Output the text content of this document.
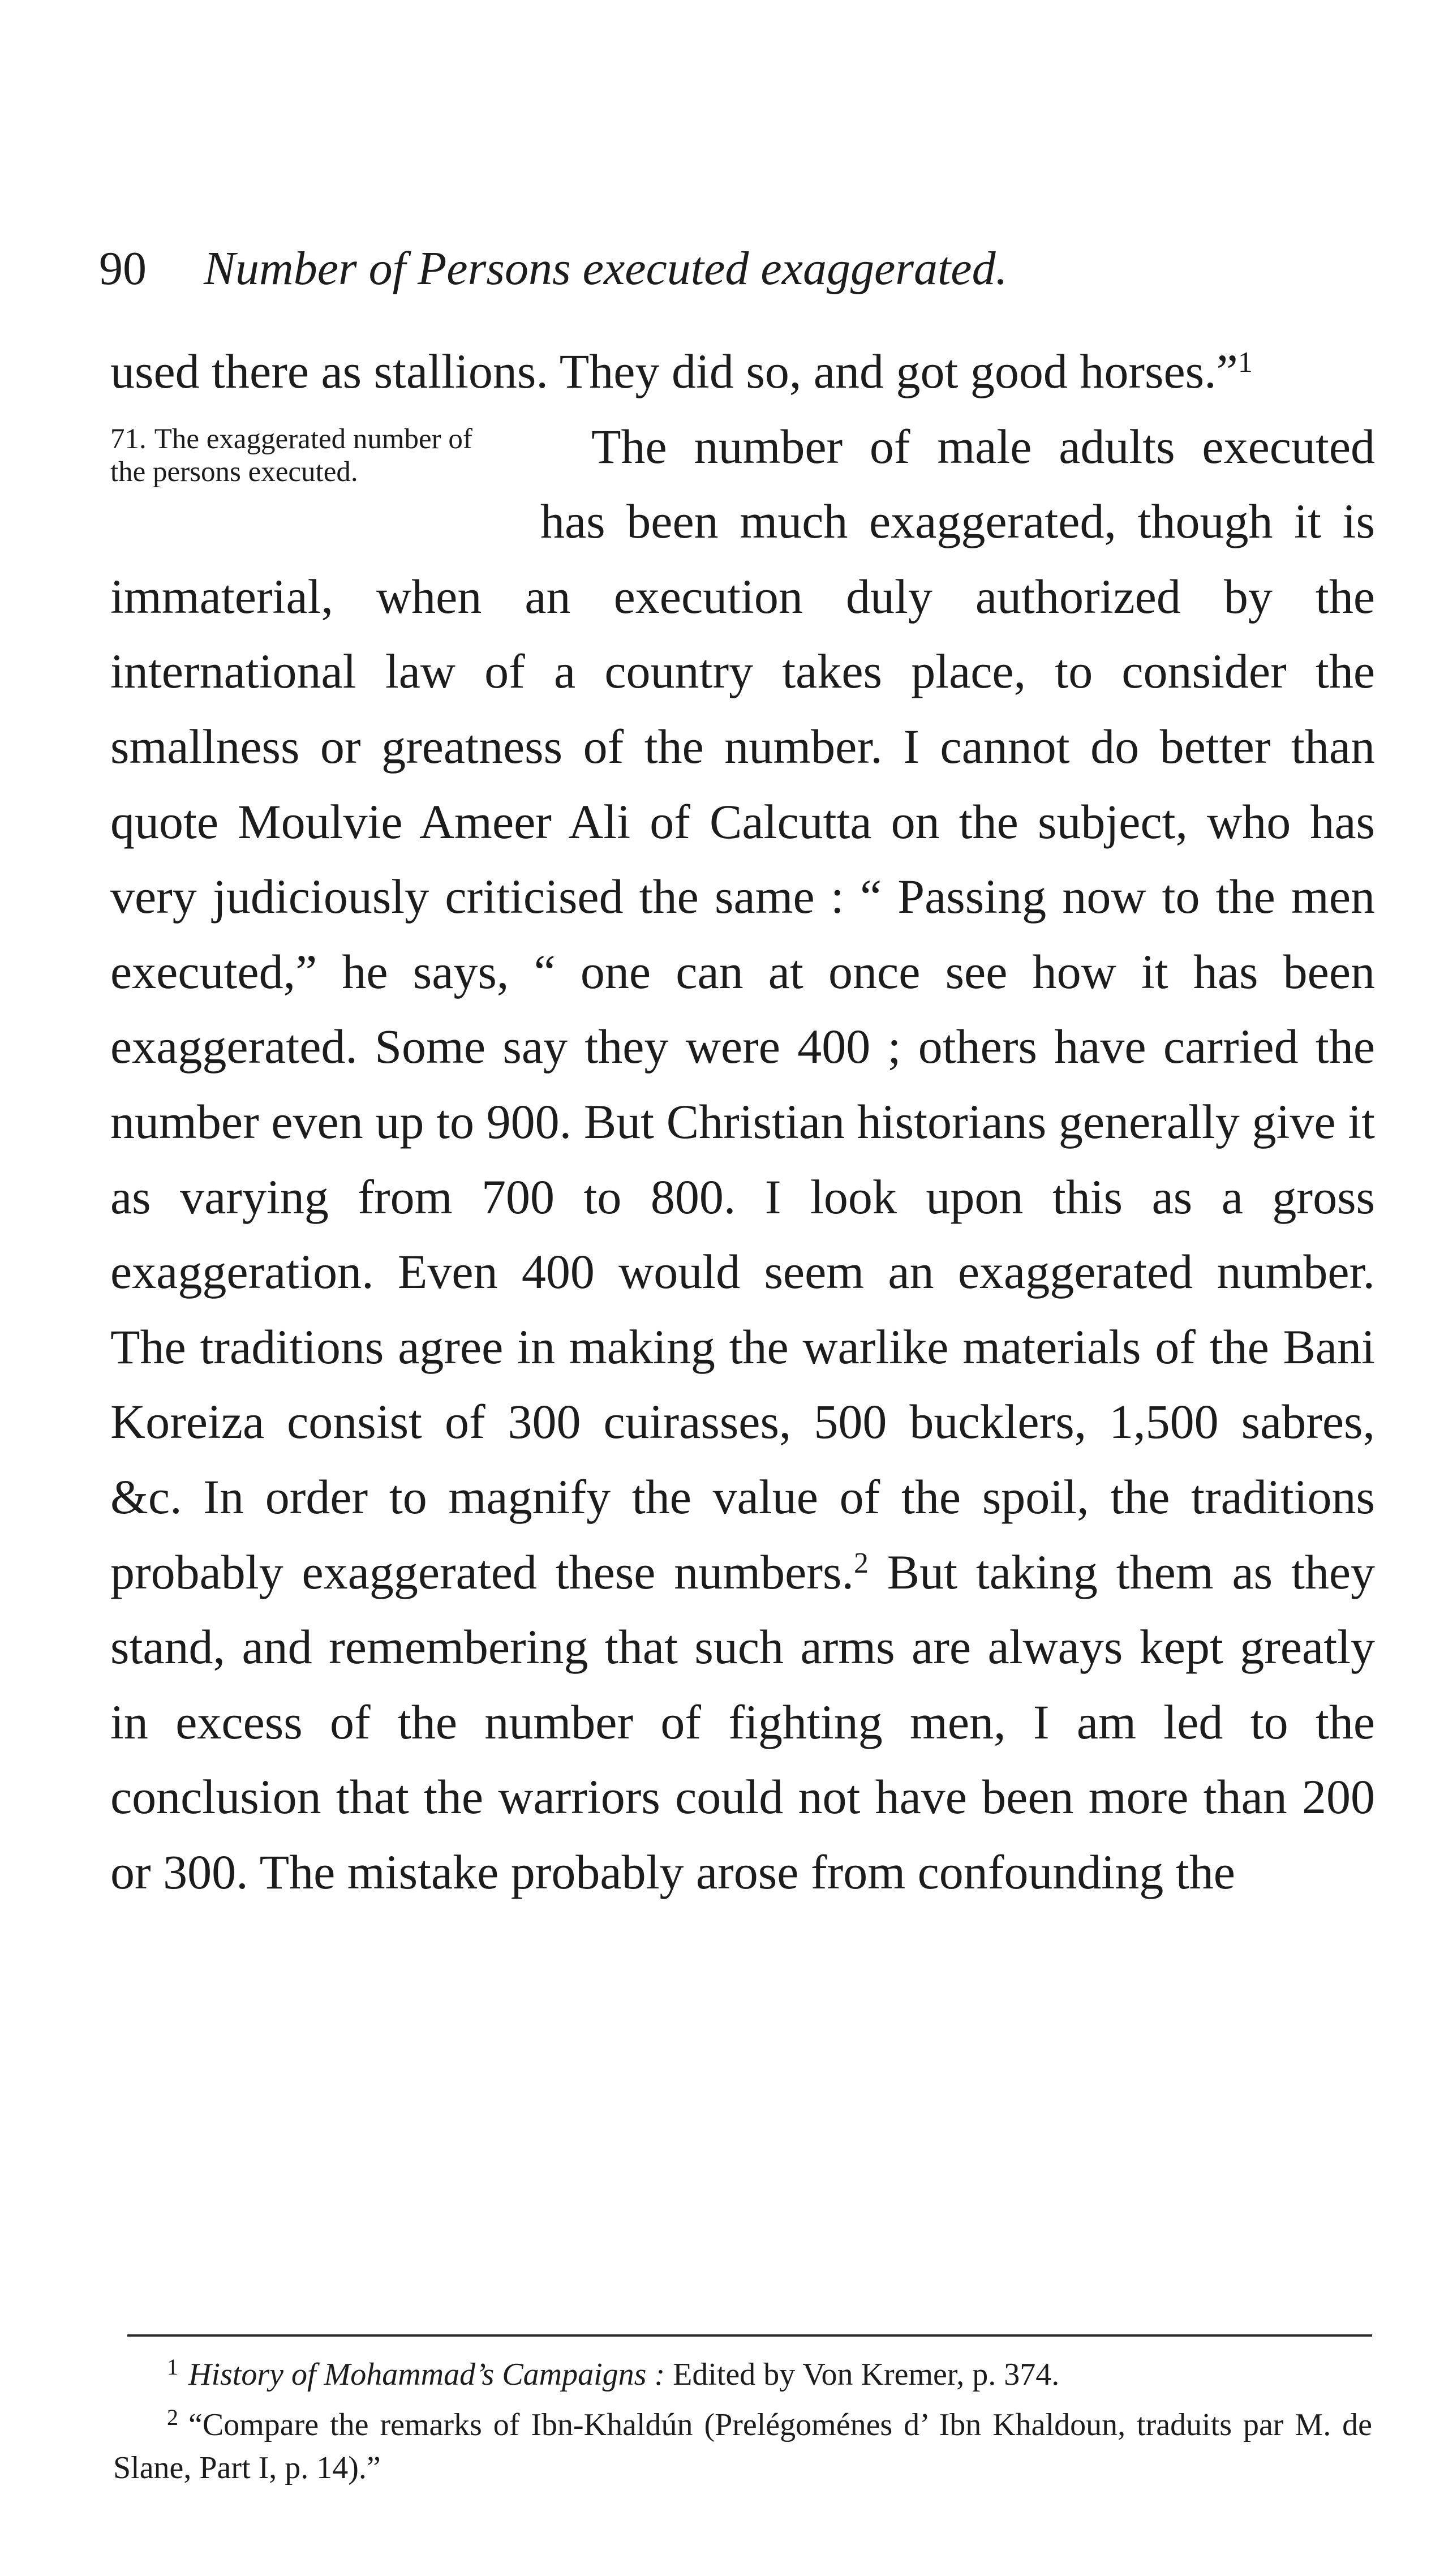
90 Number of Persons executed exaggerated.

used there as stallions. They did so, and got good horses.”$^1$

71. The exaggerated number of the persons executed.	The number of male adults executed has been much exaggerated, though it is immaterial, when an execution duly authorized by the international law of a country takes place, to consider the smallness or greatness of the number. I cannot do better than quote Moulvie Ameer Ali of Calcutta on the subject, who has very judiciously criticised the same : “ Passing now to the men executed,” he says, “ one can at once see how it has been exaggerated. Some say they were 400 ; others have carried the number even up to 900. But Christian historians generally give it as varying from 700 to 800. I look upon this as a gross exaggeration. Even 400 would seem an exaggerated number. The traditions agree in making the warlike materials of the Bani Koreiza consist of 300 cuirasses, 500 bucklers, 1,500 sabres, &c. In order to magnify the value of the spoil, the traditions probably exaggerated these numbers.$^2$ But taking them as they stand, and remembering that such arms are always kept greatly in excess of the number of fighting men, I am led to the conclusion that the warriors could not have been more than 200 or 300. The mistake probably arose from confounding the

$^1$ History of Mohammad’s Campaigns : Edited by Von Kremer, p. 374.

$^2$ “Compare the remarks of Ibn-Khaldún (Prelégoménes d’ Ibn Khaldoun, traduits par M. de Slane, Part I, p. 14).”
